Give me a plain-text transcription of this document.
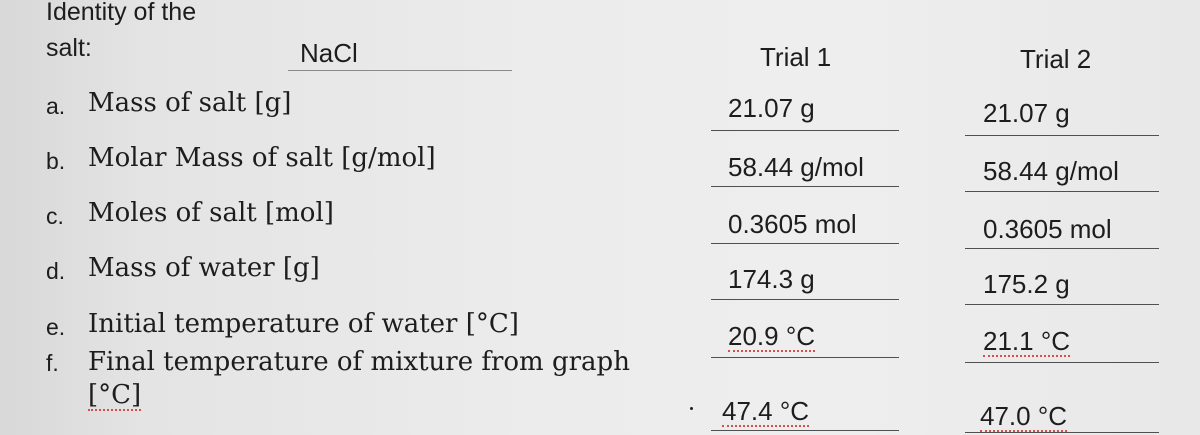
Identity of the
salt:	NaCl	Trial 1	Trial 2
a. Mass of salt [g]	21.07 g	21.07 g
b. Molar Mass of salt [g/mol]	58.44 g/mol	58.44 g/mol
c. Moles of salt [mol]	0.3605 mol	0.3605 mol
d. Mass of water [g]	174.3 g	175.2 g
e. Initial temperature of water [°C]	20.9 °C	21.1 °C
f. Final temperature of mixture from graph
[°C]
47.4 °C	47.0 °C
